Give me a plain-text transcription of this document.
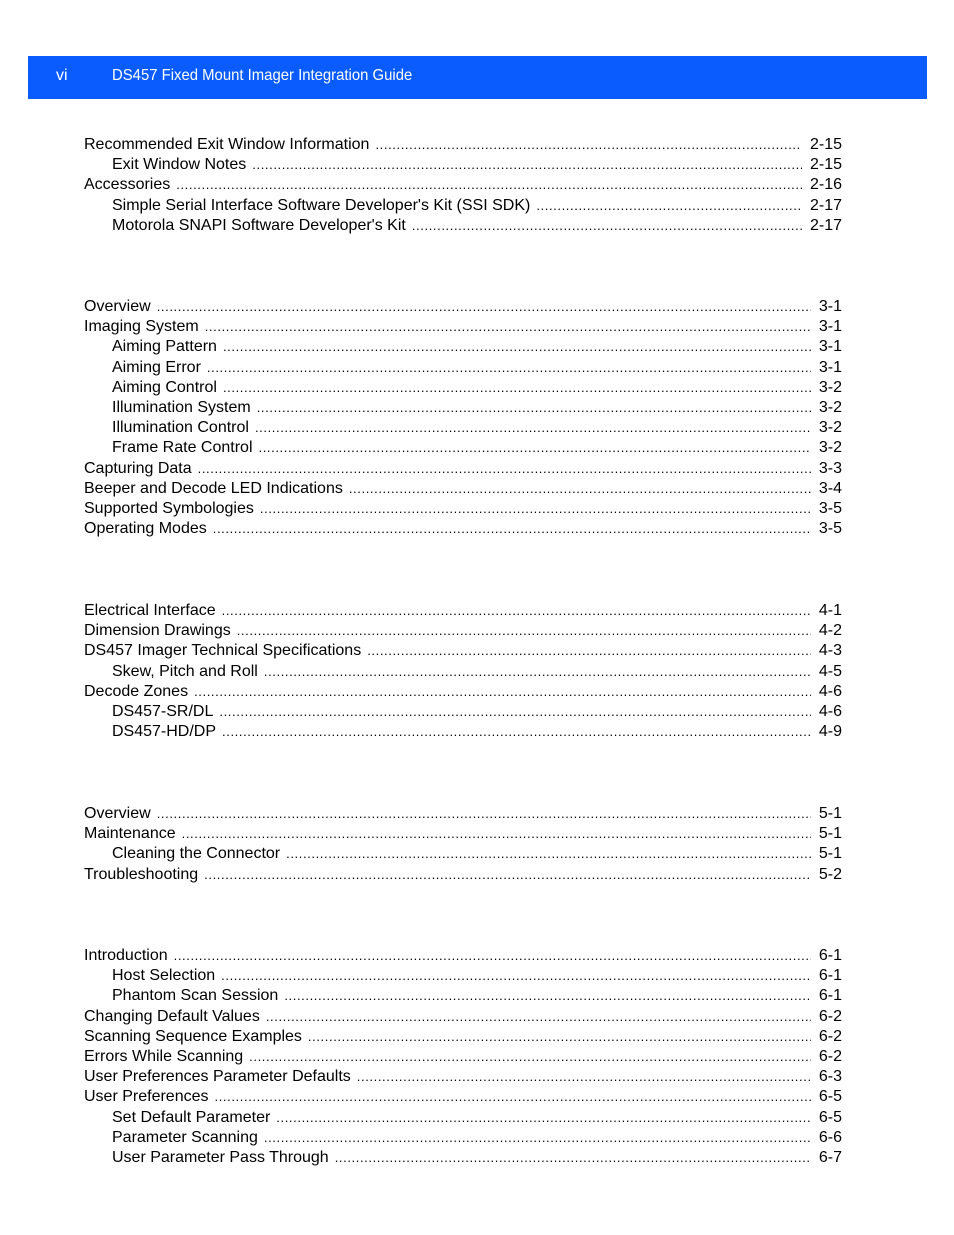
vi	DS457 Fixed Mount Imager Integration Guide
Recommended Exit Window Information .....	2-15
Exit Window Notes .....	2-15
Accessories .....	2-16
Simple Serial Interface Software Developer's Kit (SSI SDK) .....	2-17
Motorola SNAPI Software Developer's Kit .....	2-17
Overview .....	3-1
Imaging System .....	3-1
Aiming Pattern .....	3-1
Aiming Error .....	3-1
Aiming Control .....	3-2
Illumination System .....	3-2
Illumination Control .....	3-2
Frame Rate Control .....	3-2
Capturing Data .....	3-3
Beeper and Decode LED Indications .....	3-4
Supported Symbologies .....	3-5
Operating Modes .....	3-5
Electrical Interface .....	4-1
Dimension Drawings .....	4-2
DS457 Imager Technical Specifications .....	4-3
Skew, Pitch and Roll .....	4-5
Decode Zones .....	4-6
DS457-SR/DL .....	4-6
DS457-HD/DP .....	4-9
Overview .....	5-1
Maintenance .....	5-1
Cleaning the Connector .....	5-1
Troubleshooting .....	5-2
Introduction .....	6-1
Host Selection .....	6-1
Phantom Scan Session .....	6-1
Changing Default Values .....	6-2
Scanning Sequence Examples .....	6-2
Errors While Scanning .....	6-2
User Preferences Parameter Defaults .....	6-3
User Preferences .....	6-5
Set Default Parameter .....	6-5
Parameter Scanning .....	6-6
User Parameter Pass Through .....	6-7
